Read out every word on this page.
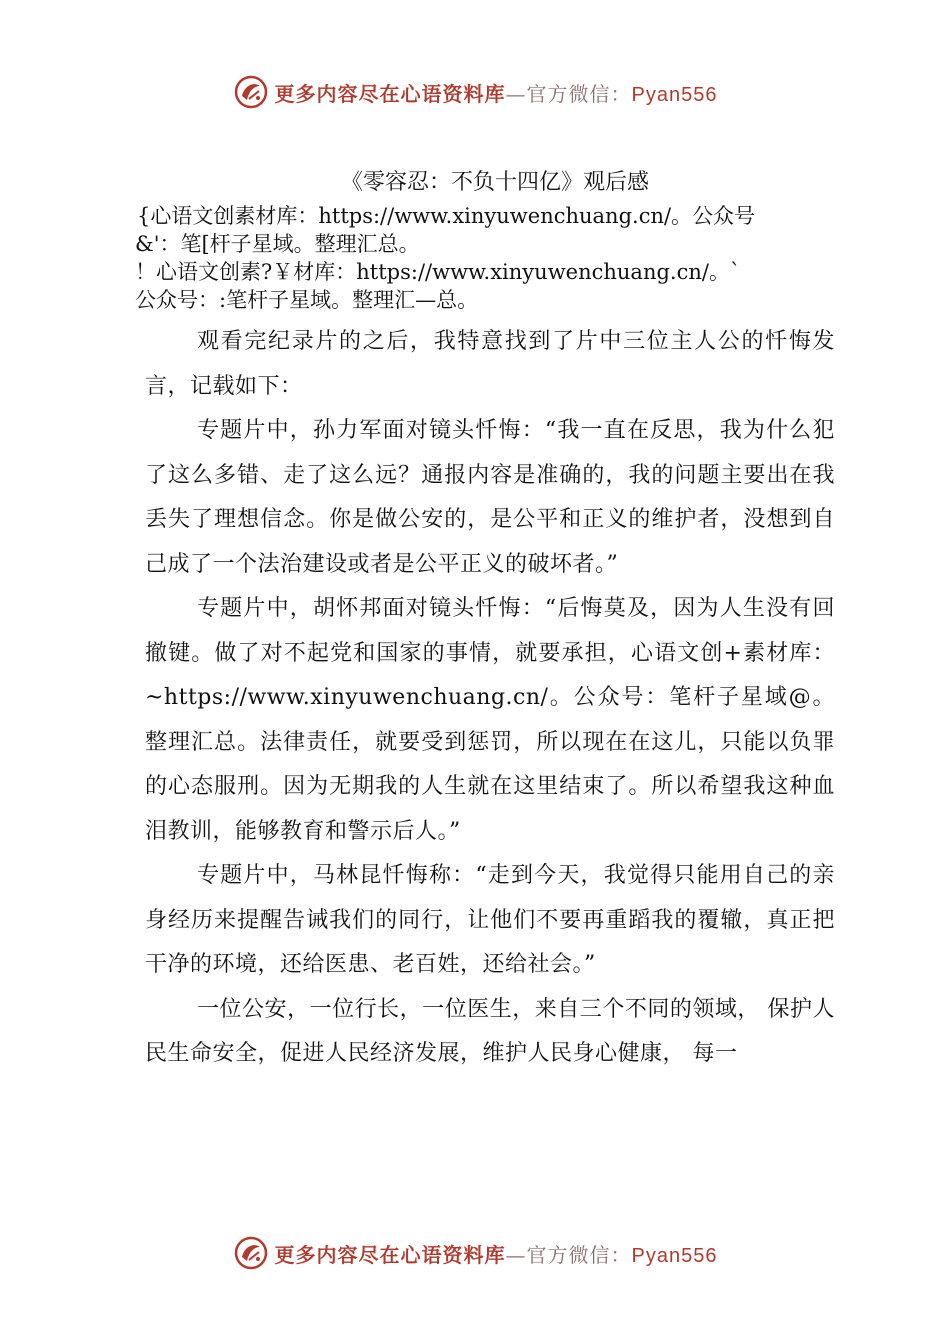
更多内容尽在心语资料库—官方微信：Pyan556
《零容忍：不负十四亿》观后感
{心语文创素材库：https://www.xinyuwenchuang.cn/。公众号
&'：笔[杆子星域。整理汇总。
！心语文创素?￥材库：https://www.xinyuwenchuang.cn/。`
公众号：:笔杆子星域。整理汇—总。

观看完纪录片的之后，我特意找到了片中三位主人公的忏悔发言，记载如下：

专题片中，孙力军面对镜头忏悔：“我一直在反思，我为什么犯了这么多错、走了这么远？通报内容是准确的，我的问题主要出在我丢失了理想信念。你是做公安的，是公平和正义的维护者，没想到自己成了一个法治建设或者是公平正义的破坏者。”

专题片中，胡怀邦面对镜头忏悔：“后悔莫及，因为人生没有回撤键。做了对不起党和国家的事情，就要承担，心语文创+素材库：~https://www.xinyuwenchuang.cn/。公众号：笔杆子星域@。整理汇总。法律责任，就要受到惩罚，所以现在在这儿，只能以负罪的心态服刑。因为无期我的人生就在这里结束了。所以希望我这种血泪教训，能够教育和警示后人。”

专题片中，马林昆忏悔称：“走到今天，我觉得只能用自己的亲身经历来提醒告诫我们的同行，让他们不要再重蹈我的覆辙，真正把干净的环境，还给医患、老百姓，还给社会。”

一位公安，一位行长，一位医生，来自三个不同的领域， 保护人民生命安全，促进人民经济发展，维护人民身心健康， 每一

更多内容尽在心语资料库—官方微信：Pyan556
